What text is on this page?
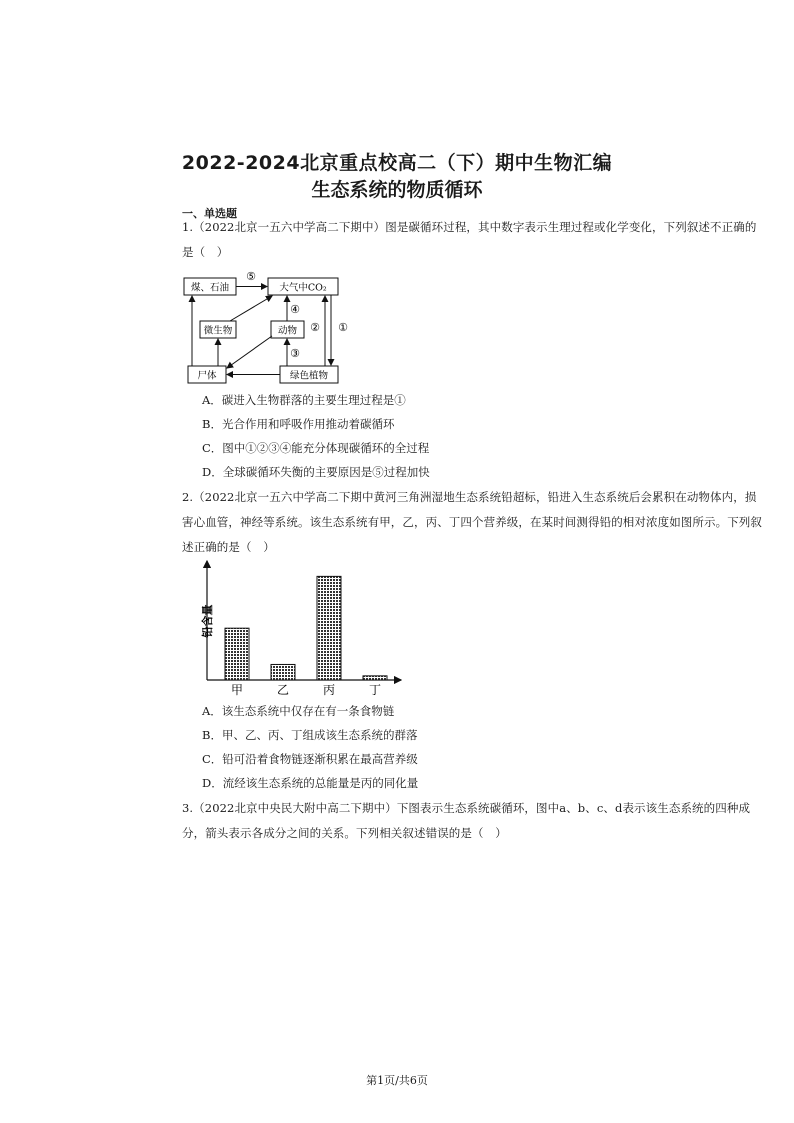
2022-2024北京重点校高二（下）期中生物汇编
生态系统的物质循环
一、单选题
1.（2022北京一五六中学高二下期中）图是碳循环过程，其中数字表示生理过程或化学变化，下列叙述不正确的是（　）
煤、石油	大气中CO₂
微生物	动物
尸体	绿色植物
⑤
④
③
② ①
A．碳进入生物群落的主要生理过程是①
B．光合作用和呼吸作用推动着碳循环
C．图中①②③④能充分体现碳循环的全过程
D．全球碳循环失衡的主要原因是⑤过程加快
2.（2022北京一五六中学高二下期中黄河三角洲湿地生态系统铅超标，铅进入生态系统后会累积在动物体内，损害心血管，神经等系统。该生态系统有甲，乙，丙、丁四个营养级，在某时间测得铅的相对浓度如图所示。下列叙述正确的是（　）
铅含量
甲	乙	丙	丁
A．该生态系统中仅存在有一条食物链
B．甲、乙、丙、丁组成该生态系统的群落
C．铅可沿着食物链逐渐积累在最高营养级
D．流经该生态系统的总能量是丙的同化量
3.（2022北京中央民大附中高二下期中）下图表示生态系统碳循环，图中a、b、c、d表示该生态系统的四种成分，箭头表示各成分之间的关系。下列相关叙述错误的是（　）
第1页/共6页
